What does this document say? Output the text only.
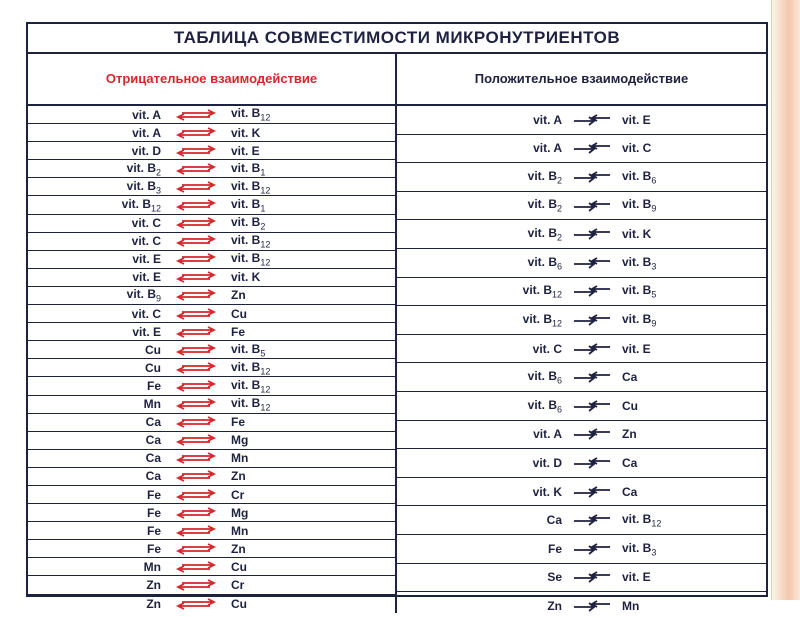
ТАБЛИЦА СОВМЕСТИМОСТИ МИКРОНУТРИЕНТОВ
Отрицательное взаимодействие
vit. A	vit. $B_{12}$
vit. A	vit. K
vit. D	vit. E
vit. $B_2$	vit. $B_1$
vit. $B_3$	vit. $B_{12}$
vit. $B_{12}$	vit. $B_1$
vit. C	vit. $B_2$
vit. C	vit. $B_{12}$
vit. E	vit. $B_{12}$
vit. E	vit. K
vit. $B_9$	Zn
vit. C	Cu
vit. E	Fe
Cu	vit. $B_5$
Cu	vit. $B_{12}$
Fe	vit. $B_{12}$
Mn	vit. $B_{12}$
Ca	Fe
Ca	Mg
Ca	Mn
Ca	Zn
Fe	Cr
Fe	Mg
Fe	Mn
Fe	Zn
Mn	Cu
Zn	Cr
Zn	Cu
Положительное взаимодействие
vit. A	vit. E
vit. A	vit. C
vit. $B_2$	vit. $B_6$
vit. $B_2$	vit. $B_9$
vit. $B_2$	vit. K
vit. $B_6$	vit. $B_3$
vit. $B_{12}$	vit. $B_5$
vit. $B_{12}$	vit. $B_9$
vit. C	vit. E
vit. $B_6$	Ca
vit. $B_6$	Cu
vit. A	Zn
vit. D	Ca
vit. K	Ca
Ca	vit. $B_{12}$
Fe	vit. $B_3$
Se	vit. E
Zn	Mn
